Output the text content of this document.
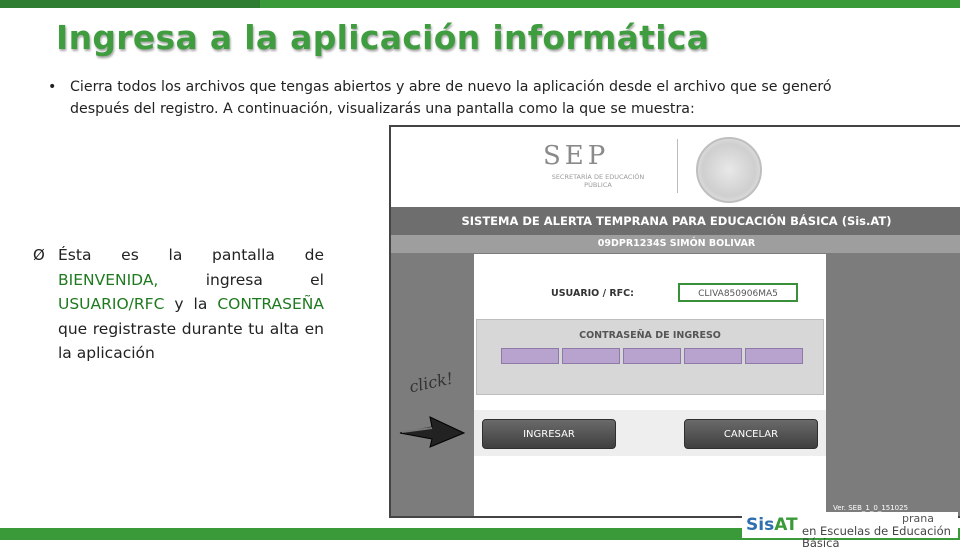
Ingresa a la aplicación informática
• Cierra todos los archivos que tengas abiertos y abre de nuevo la aplicación desde el archivo que se generó después del registro. A continuación, visualizarás una pantalla como la que se muestra:
Ø Ésta es la pantalla de BIENVENIDA,	ingresa el USUARIO/RFC y la CONTRASEÑA que registraste durante tu alta en la aplicación
SEP
SECRETARÍA DE EDUCACIÓN PÚBLICA
SISTEMA DE ALERTA TEMPRANA PARA EDUCACIÓN BÁSICA (Sis.AT)
09DPR1234S SIMÓN BOLIVAR
USUARIO / RFC:	CLIVA850906MA5
CONTRASEÑA DE INGRESO
INGRESAR	CANCELAR
Ver. SEB_1_0_151025
click!
SisAT	prana
en Escuelas de Educación Básica
